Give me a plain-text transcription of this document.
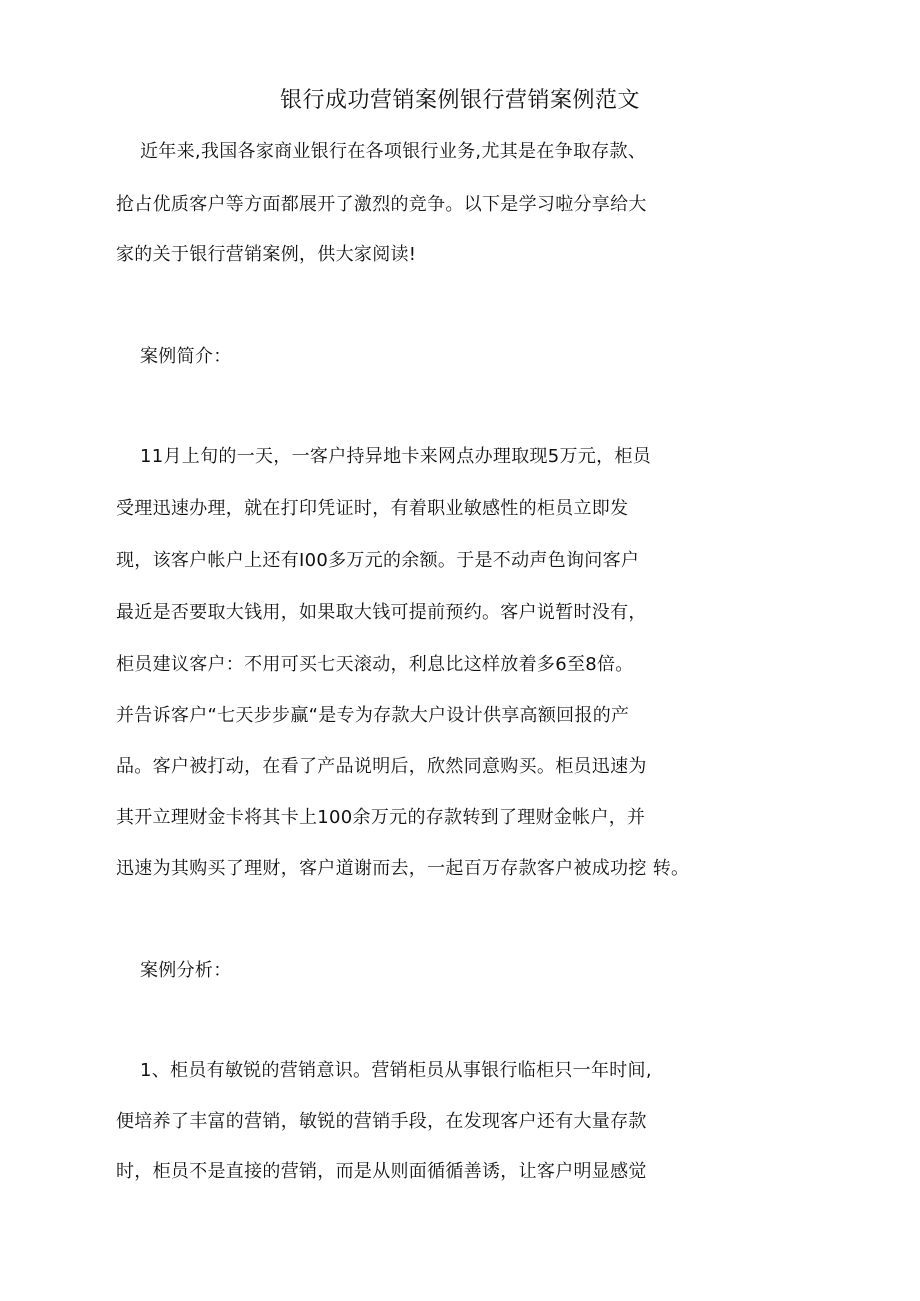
银行成功营销案例银行营销案例范文
近年来,我国各家商业银行在各项银行业务,尤其是在争取存款、
抢占优质客户等方面都展开了激烈的竞争。以下是学习啦分享给大
家的关于银行营销案例，供大家阅读!
案例简介：
11月上旬的一天，一客户持异地卡来网点办理取现5万元，柜员
受理迅速办理，就在打印凭证时，有着职业敏感性的柜员立即发
现，该客户帐户上还有I00多万元的余额。于是不动声色询问客户
最近是否要取大钱用，如果取大钱可提前预约。客户说暂时没有，
柜员建议客户：不用可买七天滚动，利息比这样放着多6至8倍。
并告诉客户“七天步步赢“是专为存款大户设计供享高额回报的产
品。客户被打动，在看了产品说明后，欣然同意购买。柜员迅速为
其开立理财金卡将其卡上100余万元的存款转到了理财金帐户，并
迅速为其购买了理财，客户道谢而去，一起百万存款客户被成功挖 转。
案例分析：
1、柜员有敏锐的营销意识。营销柜员从事银行临柜只一年时间,
便培养了丰富的营销，敏锐的营销手段，在发现客户还有大量存款
时，柜员不是直接的营销，而是从则面循循善诱，让客户明显感觉
